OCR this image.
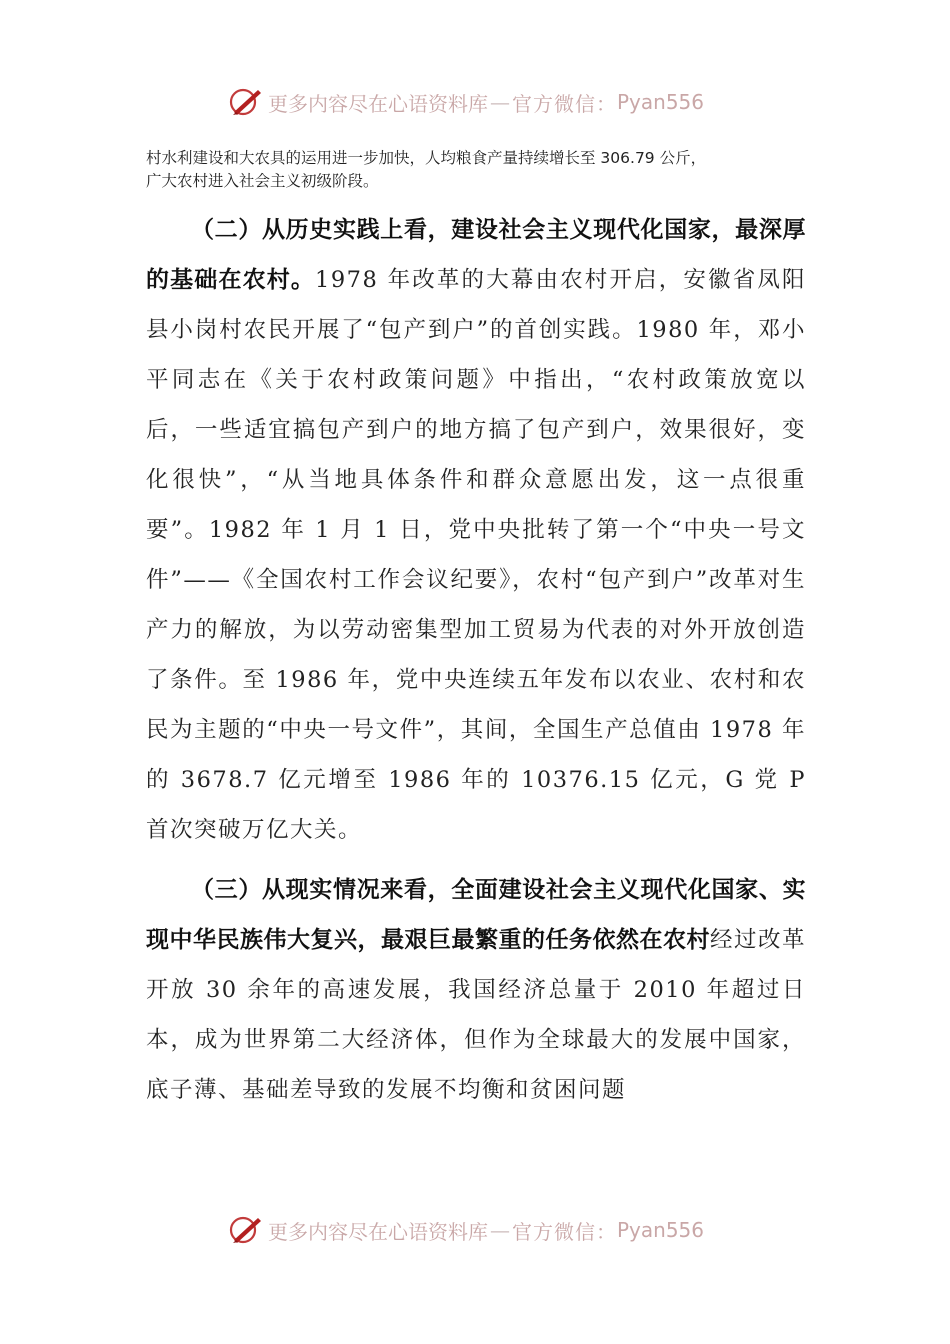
更多内容尽在心语资料库 — 官方微信： Pyan556
村水利建设和大农具的运用进一步加快，人均粮食产量持续增长至 306.79 公斤，
广大农村进入社会主义初级阶段。

（二）从历史实践上看，建设社会主义现代化国家，最深厚的基础在农村。1978 年改革的大幕由农村开启，安徽省凤阳县小岗村农民开展了“包产到户”的首创实践。1980 年，邓小平同志在《关于农村政策问题》中指出，“农村政策放宽以后，一些适宜搞包产到户的地方搞了包产到户，效果很好，变化很快”，“从当地具体条件和群众意愿出发，这一点很重要”。1982 年 1 月 1 日，党中央批转了第一个“中央一号文件”——《全国农村工作会议纪要》，农村“包产到户”改革对生产力的解放，为以劳动密集型加工贸易为代表的对外开放创造了条件。至 1986 年，党中央连续五年发布以农业、农村和农民为主题的“中央一号文件”，其间，全国生产总值由 1978 年的 3678.7 亿元增至 1986 年的 10376.15 亿元，G 党 P 首次突破万亿大关。

（三）从现实情况来看，全面建设社会主义现代化国家、实现中华民族伟大复兴，最艰巨最繁重的任务依然在农村经过改革开放 30 余年的高速发展，我国经济总量于 2010 年超过日本，成为世界第二大经济体，但作为全球最大的发展中国家，底子薄、基础差导致的发展不均衡和贫困问题

更多内容尽在心语资料库 — 官方微信： Pyan556
